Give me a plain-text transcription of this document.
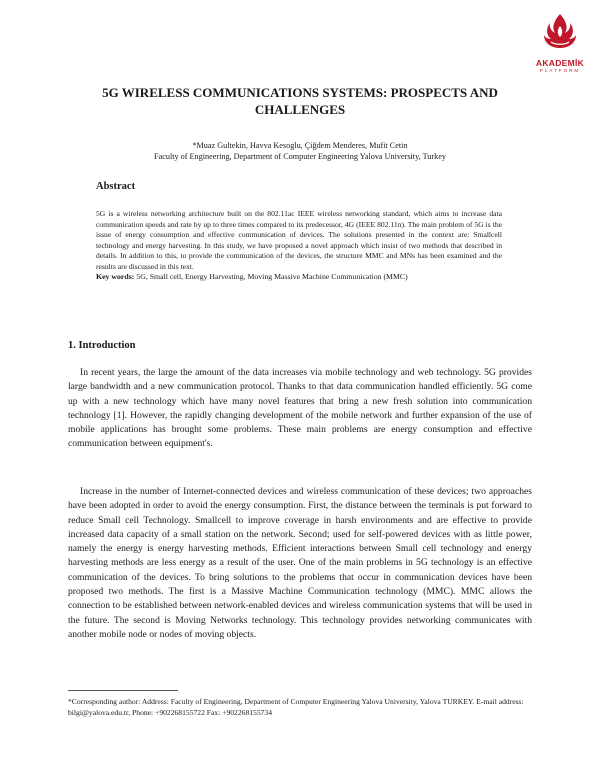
AKADEMİK
PLATFORM
5G WIRELESS COMMUNICATIONS SYSTEMS: PROSPECTS AND CHALLENGES
*Muaz Gultekin, Havva Kesoglu, Çiğdem Menderes, Mufit Cetin
Faculty of Engineering, Department of Computer Engineering Yalova University, Turkey
Abstract
5G is a wireless networking architecture built on the 802.11ac IEEE wireless networking standard, which aims to increase data communication speeds and rate by up to three times compared to its predecessor, 4G (IEEE 802.11n). The main problem of 5G is the issue of energy consumption and effective communication of devices. The solutions presented in the context are: Smallcell technology and energy harvesting. In this study, we have proposed a novel approach which insist of two methods that described in details. In addition to this, to provide the communication of the devices, the structure MMC and MNs has been examined and the results are discussed in this text.
Key words: 5G, Small cell, Energy Harvesting, Moving Massive Machine Communication (MMC)
1. Introduction
In recent years, the large the amount of the data increases via mobile technology and web technology. 5G provides large bandwidth and a new communication protocol. Thanks to that data communication handled efficiently. 5G come up with a new technology which have many novel features that bring a new fresh solution into communication technology [1]. However, the rapidly changing development of the mobile network and further expansion of the use of mobile applications has brought some problems. These main problems are energy consumption and effective communication between equipment's.
Increase in the number of Internet-connected devices and wireless communication of these devices; two approaches have been adopted in order to avoid the energy consumption. First, the distance between the terminals is put forward to reduce Small cell Technology. Smallcell to improve coverage in harsh environments and are effective to provide increased data capacity of a small station on the network. Second; used for self-powered devices with as little power, namely the energy is energy harvesting methods. Efficient interactions between Small cell technology and energy harvesting methods are less energy as a result of the user. One of the main problems in 5G technology is an effective communication of the devices. To bring solutions to the problems that occur in communication devices have been proposed two methods. The first is a Massive Machine Communication technology (MMC). MMC allows the connection to be established between network-enabled devices and wireless communication systems that will be used in the future. The second is Moving Networks technology. This technology provides networking communicates with another mobile node or nodes of moving objects.
*Corresponding author: Address: Faculty of Engineering, Department of Computer Engineering Yalova University, Yalova TURKEY. E-mail address: bilgi@yalova.edu.tr, Phone: +902268155722 Fax: +902268155734
